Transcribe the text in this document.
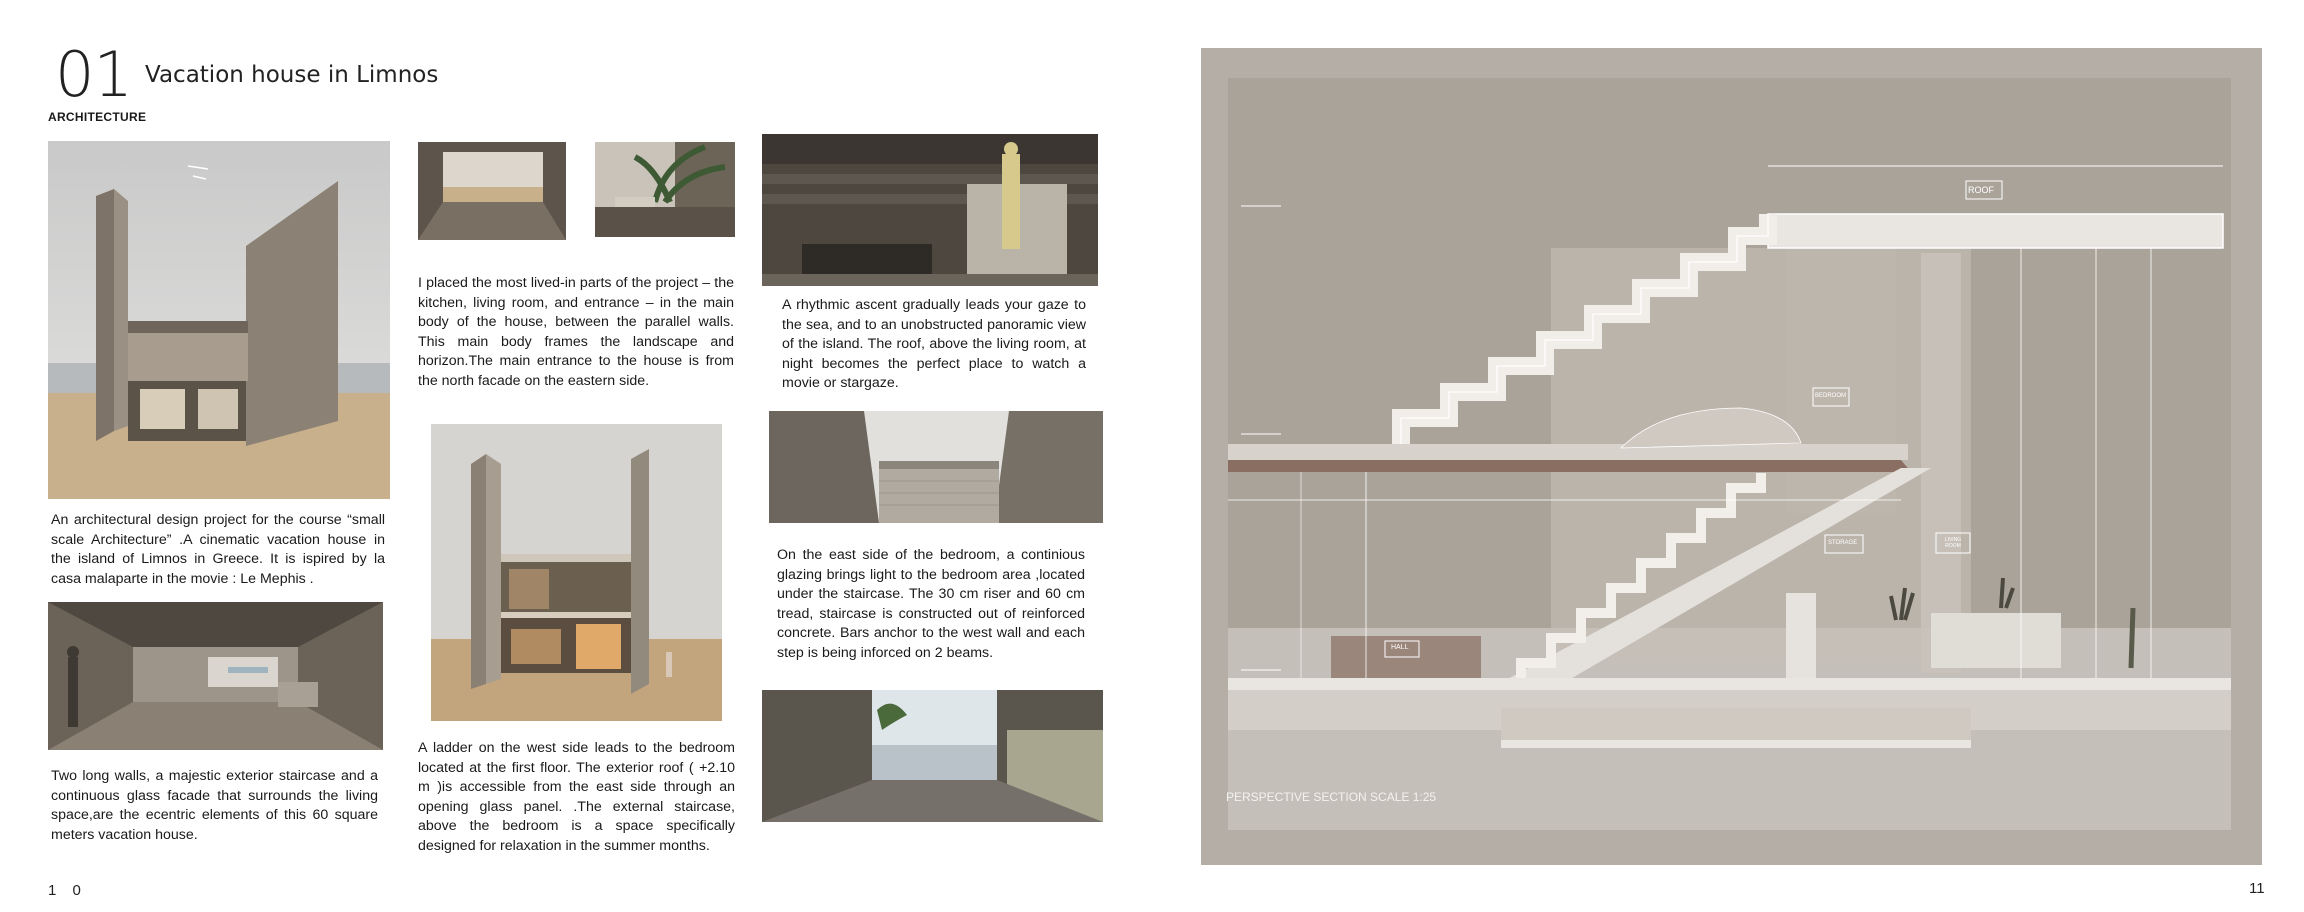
01 Vacation house in Limnos
ARCHITECTURE
An architectural design project for the course “small scale Architecture” .A cinematic vacation house in the island of Limnos in Greece. It is ispired by la casa malaparte in the movie : Le Mephis .
Two long walls, a majestic exterior staircase and a continuous glass facade that surrounds the living space,are the ecentric elements of this 60 square meters vacation house.
I placed the most lived-in parts of the project – the kitchen, living room, and entrance – in the main body of the house, between the parallel walls. This main body frames the landscape and horizon.The main entrance to the house is from the north facade on the eastern side.
A ladder on the west side leads to the bedroom located at the first floor. The exterior roof ( +2.10 m )is accessible from the east side through an opening glass panel. .The external staircase, above the bedroom is a space specifically designed for relaxation in the summer months.
A rhythmic ascent gradually leads your gaze to the sea, and to an unobstructed panoramic view of the island. The roof, above the living room, at night becomes the perfect place to watch a movie or stargaze.
On the east side of the bedroom, a continious glazing brings light to the bedroom area ,located under the staircase. The 30 cm riser and 60 cm tread, staircase is constructed out of reinforced concrete. Bars anchor to the west wall and each step is being inforced on 2 beams.
1 0
ROOF
BEDROOM
STORAGE	LIVING ROOM
HALL
PERSPECTIVE SECTION SCALE 1:25
11
